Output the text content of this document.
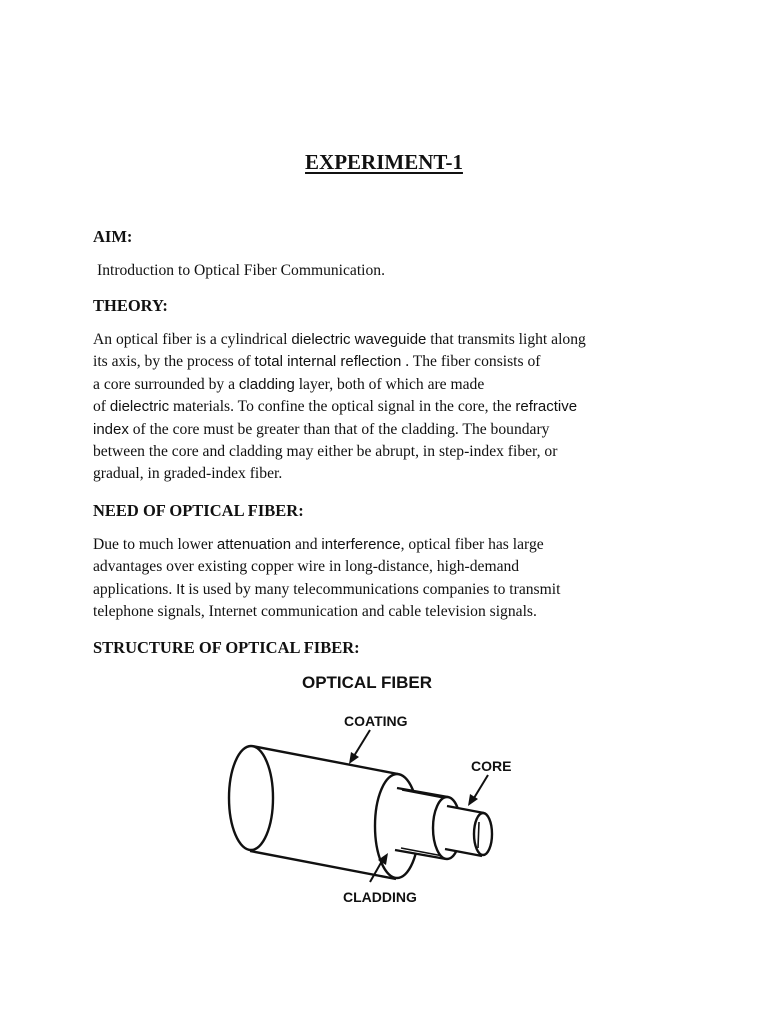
EXPERIMENT-1
AIM:
Introduction to Optical Fiber Communication.
THEORY:

An optical fiber is a cylindrical dielectric waveguide that transmits light along

its axis, by the process of total internal reflection . The fiber consists of

a core surrounded by a cladding layer, both of which are made

of dielectric materials. To confine the optical signal in the core, the refractive

index of the core must be greater than that of the cladding. The boundary

between the core and cladding may either be abrupt, in step-index fiber, or

gradual, in graded-index fiber.

NEED OF OPTICAL FIBER:

Due to much lower attenuation and interference, optical fiber has large

advantages over existing copper wire in long-distance, high-demand

applications. It is used by many telecommunications companies to transmit

telephone signals, Internet communication and cable television signals.

STRUCTURE OF OPTICAL FIBER:
OPTICAL FIBER
COATING
CORE
CLADDING
